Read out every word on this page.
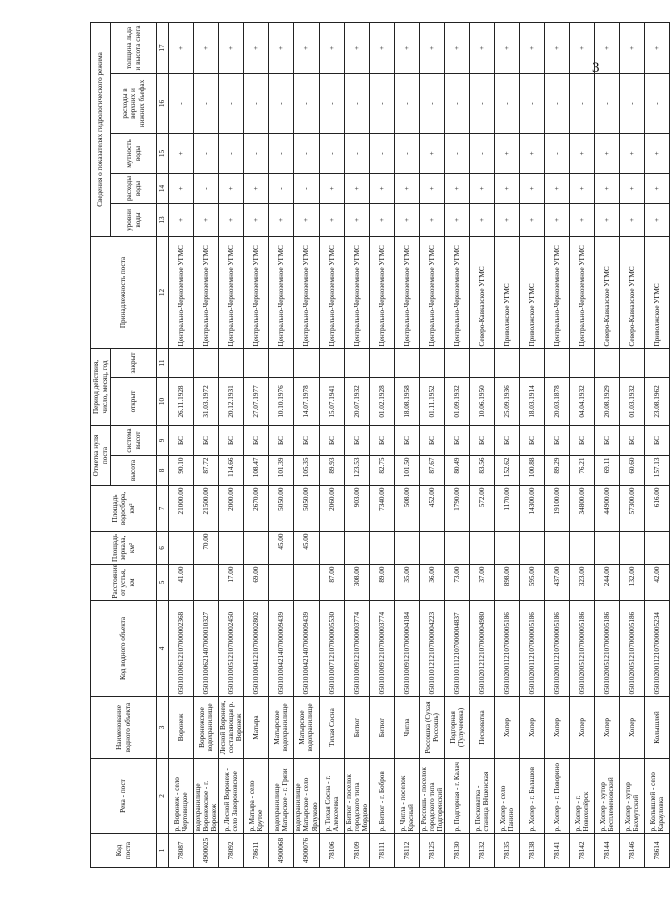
3
Код поста	Река - пост	Наименование водного объекта	Код водного объекта	Расстояние от устья, км	Площадь зеркала, км²	Площадь водосбора, км²	Отметка нуля поста		Период действия, число, месяц, год		Принадлежность поста	Сведения о показателях гидрологического режима				
							высота	система высот	открыт	закрыт		уровни воды	расходы воды	мутность воды	расходы в верхних и нижних бьефах	толщина льда и высота снега
1	2	3	4	5	6	7	8	9	10	11	12	13	14	15	16	17
78087	р. Воронеж - село Чертовицкое	Воронеж	05010100612107000002368	41.00		21000.00	90.10	БС	26.11.1928		Центрально-Черноземное УГМС	+	+	+	-	+
4900025	водохранилище Воронежское - г. Воронеж	Воронежское водохранилище	05010100621407000010327		70.00	21500.00	87.72	БС	31.03.1972		Центрально-Черноземное УГМС	+	-	-	-	+
78092	р. Лесной Воронеж - село Завороновское	Лесной Воронеж, составляющая р. Воронеж	05010100512107000002450	17.00		2000.00	114.66	БС	20.12.1931		Центрально-Черноземное УГМС	+	+	-	-	+
78611	р. Матыра - село Крутое	Матыра	05010100412107000002802	69.00		2670.00	108.47	БС	27.07.1977		Центрально-Черноземное УГМС	+	+	-	-	+
4900068	водохранилище Матырское - г. Грязи	Матырское водохранилище	05010100421407000009439		45.00	5050.00	101.39	БС	10.10.1976		Центрально-Черноземное УГМС	+	-	-	-	+
4900076	водохранилище Матырское - село Ярлуково	Матырское водохранилище	05010100421407000009439		45.00	5050.00	105.35	БС	14.07.1978		Центрально-Черноземное УГМС	+	-	-	-	+
78106	р. Тихая Сосна - г. Алексеевка	Тихая Сосна	05010100712107000005530	87.00		2060.00	89.93	БС	15.07.1941		Центрально-Черноземное УГМС	+	+	-	-	+
78109	р. Битюг - поселок городского типа Мордово	Битюг	05010100912107000003774	308.00		903.00	123.53	БС	20.07.1932		Центрально-Черноземное УГМС	+	+	-	-	+
78111	р. Битюг - г. Бобров	Битюг	05010100912107000003774	89.00		7340.00	82.75	БС	01.02.1928		Центрально-Черноземное УГМС	+	+	-	-	+
78112	р. Чигла - поселок Красный	Чигла	05010100912107000004184	35.00		508.00	101.50	БС	18.08.1958		Центрально-Черноземное УГМС	+	+	-	-	+
78125	р. Россошь - поселок городского типа Подгоренский	Россошка (Сухая Россошь)	05010101212107000004223	36.00		452.00	87.67	БС	01.11.1952		Центрально-Черноземное УГМС	+	+	+	-	+
78130	р. Подгорная - г. Калач	Подгорная (Тулучеевка)	05010101112107000004837	73.00		1790.00	80.49	БС	01.09.1932		Центрально-Черноземное УГМС	+	+	-	-	+
78132	р. Песковатка - станица Вёшенская	Песковатка	05010201212107000004980	37.00		572.00	83.56	БС	10.06.1950		Северо-Кавказское УГМС	+	+	-	-	+
78135	р. Хопер - село Панино	Хопер	05010200112107000005186	898.00		1170.00	152.62	БС	25.09.1936		Приволжское УГМС	+	+	+	-	+
78138	р. Хопер - г. Балашов	Хопер	05010200112107000005186	595.00		14300.00	100.88	БС	18.03.1914		Приволжское УГМС	+	+	+	-	+
78141	р. Хопер - г. Поворино	Хопер	05010200112107000005186	437.00		19100.00	89.29	БС	20.03.1878		Центрально-Черноземное УГМС	+	+	-	-	+
78142	р. Хопер - г. Новохопёрск	Хопер	05010200512107000005186	323.00		34800.00	76.21	БС	04.04.1932		Центрально-Черноземное УГМС	+	+	+	-	+
78144	р. Хопер - хутор Бесплеменовский	Хопер	05010200512107000005186	244.00		44900.00	69.11	БС	20.08.1929		Северо-Кавказское УГМС	+	+	+	-	+
78146	р. Хопер - хутор Бахмутский	Хопер	05010200512107000005186	132.00		57300.00	60.60	БС	01.03.1932		Северо-Кавказское УГМС	+	+	+	-	+
78614	р. Колышлей - село Карауловка	Колышлей	05010200112107000005234	42.00		616.00	157.13	БС	23.08.1962		Приволжское УГМС	+	+	+	-	+
